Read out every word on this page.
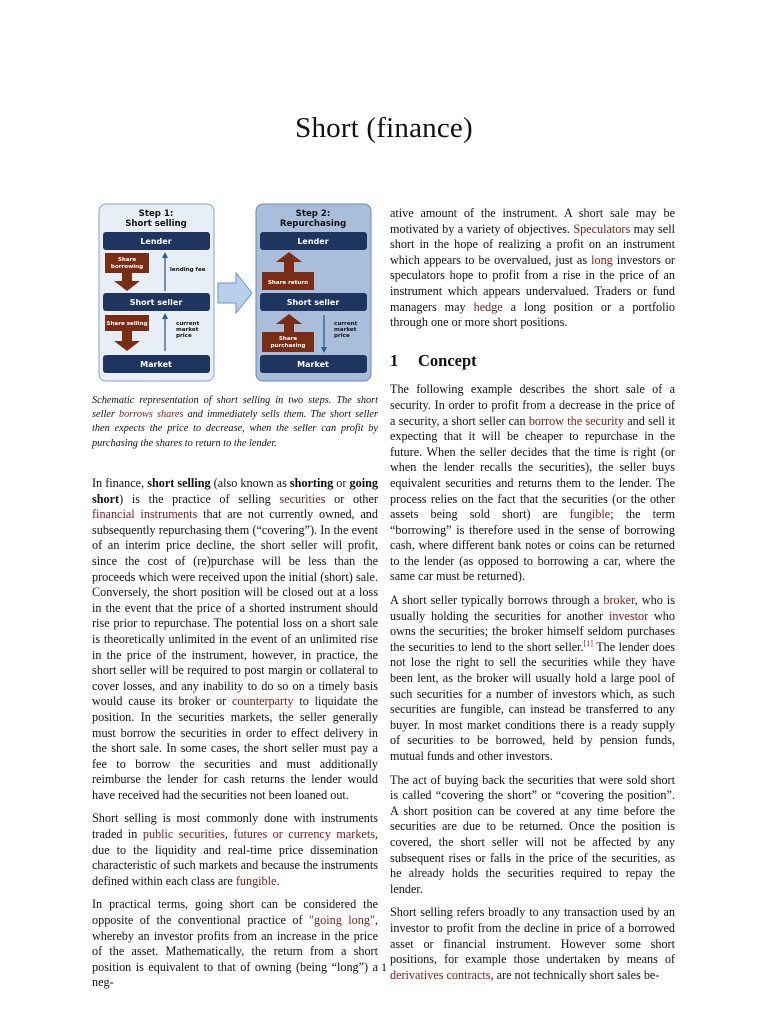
Short (finance)
Step 1:
Short selling
Lender
Share
borrowing	lending fee
Short seller
Share selling	current
market
price
Market
Step 2:
Repurchasing
Lender
Share return
Short seller
Share
purchasing
current
market
price
Market
Schematic representation of short selling in two steps. The short seller borrows shares and immediately sells them. The short seller then expects the price to decrease, when the seller can profit by purchasing the shares to return to the lender.

In finance, short selling (also known as shorting or going short) is the practice of selling securities or other financial instruments that are not currently owned, and subsequently repurchasing them (“covering”). In the event of an interim price decline, the short seller will profit, since the cost of (re)purchase will be less than the proceeds which were received upon the initial (short) sale. Conversely, the short position will be closed out at a loss in the event that the price of a shorted instrument should rise prior to repurchase. The potential loss on a short sale is theoretically unlimited in the event of an unlimited rise in the price of the instrument, however, in practice, the short seller will be required to post margin or collateral to cover losses, and any inability to do so on a timely basis would cause its broker or counterparty to liquidate the position. In the securities markets, the seller generally must borrow the securities in order to effect delivery in the short sale. In some cases, the short seller must pay a fee to borrow the securities and must additionally reimburse the lender for cash returns the lender would have received had the securities not been loaned out.

Short selling is most commonly done with instruments traded in public securities, futures or currency markets, due to the liquidity and real-time price dissemination characteristic of such markets and because the instruments defined within each class are fungible.

In practical terms, going short can be considered the opposite of the conventional practice of "going long", whereby an investor profits from an increase in the price of the asset. Mathematically, the return from a short position is equivalent to that of owning (being “long”) a neg-

ative amount of the instrument. A short sale may be motivated by a variety of objectives. Speculators may sell short in the hope of realizing a profit on an instrument which appears to be overvalued, just as long investors or speculators hope to profit from a rise in the price of an instrument which appears undervalued. Traders or fund managers may hedge a long position or a portfolio through one or more short positions.

1 Concept

The following example describes the short sale of a security. In order to profit from a decrease in the price of a security, a short seller can borrow the security and sell it expecting that it will be cheaper to repurchase in the future. When the seller decides that the time is right (or when the lender recalls the securities), the seller buys equivalent securities and returns them to the lender. The process relies on the fact that the securities (or the other assets being sold short) are fungible; the term “borrowing” is therefore used in the sense of borrowing cash, where different bank notes or coins can be returned to the lender (as opposed to borrowing a car, where the same car must be returned).

A short seller typically borrows through a broker, who is usually holding the securities for another investor who owns the securities; the broker himself seldom purchases the securities to lend to the short seller.[1] The lender does not lose the right to sell the securities while they have been lent, as the broker will usually hold a large pool of such securities for a number of investors which, as such securities are fungible, can instead be transferred to any buyer. In most market conditions there is a ready supply of securities to be borrowed, held by pension funds, mutual funds and other investors.

The act of buying back the securities that were sold short is called “covering the short” or “covering the position”. A short position can be covered at any time before the securities are due to be returned. Once the position is covered, the short seller will not be affected by any subsequent rises or falls in the price of the securities, as he already holds the securities required to repay the lender.

Short selling refers broadly to any transaction used by an investor to profit from the decline in price of a borrowed asset or financial instrument. However some short positions, for example those undertaken by means of derivatives contracts, are not technically short sales be-

1
